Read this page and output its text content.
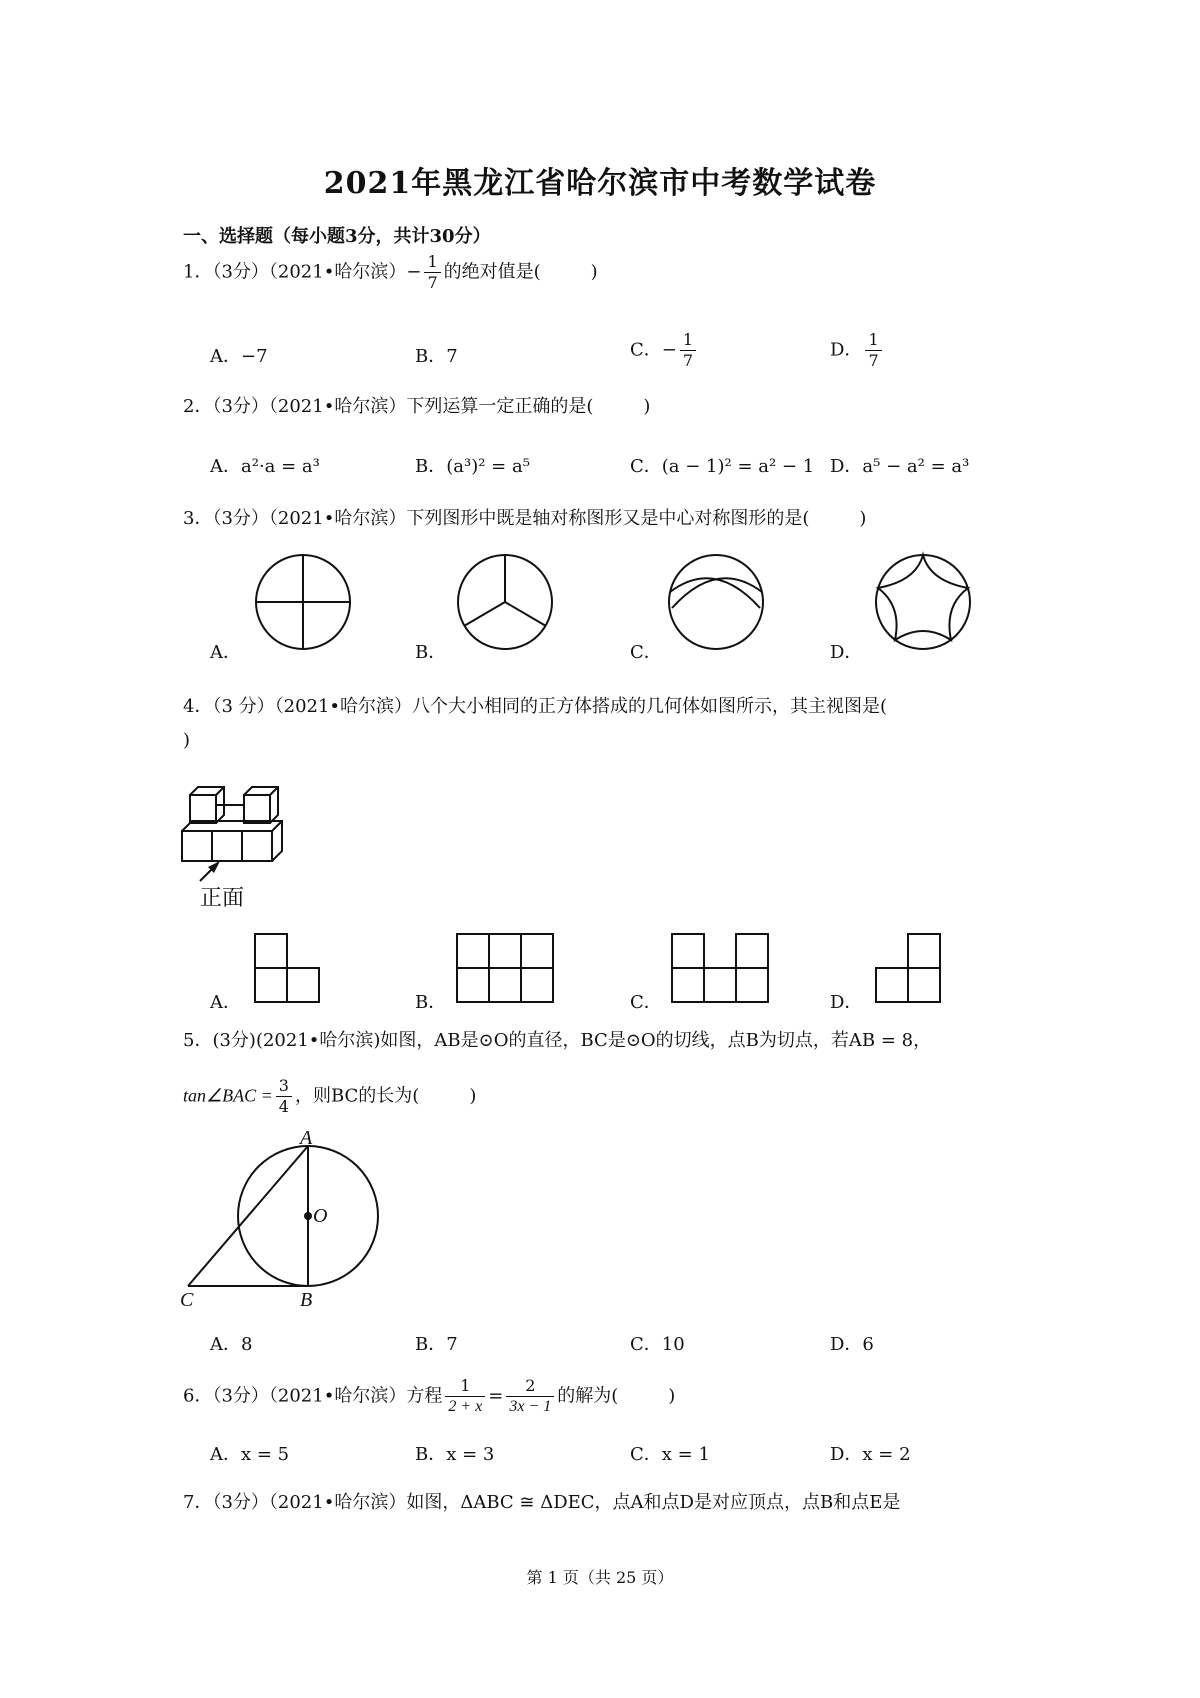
2021年黑龙江省哈尔滨市中考数学试卷
一、选择题（每小题3分，共计30分）
1．（3分）（2021•哈尔滨）− $\frac{1}{7}$ 的绝对值是(	)
A．−7	B．7	C．− $\frac{1}{7}$	D． $\frac{1}{7}$
2．（3分）（2021•哈尔滨）下列运算一定正确的是(	)
A．a²·a = a³	B．(a³)² = a⁵	C．(a − 1)² = a² − 1 D．a⁵ − a² = a³
3．（3分）（2021•哈尔滨）下列图形中既是轴对称图形又是中心对称图形的是(	)
A．	B．	C．	D．
4．（3 分）（2021•哈尔滨）八个大小相同的正方体搭成的几何体如图所示，其主视图是(
)
正面
A．	B．	C．	D．
5．(3分)(2021•哈尔滨)如图，AB是⊙O的直径，BC是⊙O的切线，点B为切点，若AB = 8，
tan∠BAC = $\frac{3}{4}$ ，则BC的长为(	)
A
O
B
C
A．8	B．7	C．10	D．6
6．（3分）（2021•哈尔滨）方程 $\frac{1}{2 + x} = \frac{2}{3x - 1}$ 的解为(	)
A．x = 5	B．x = 3	C．x = 1	D．x = 2
7．（3分）（2021•哈尔滨）如图，ΔABC ≅ ΔDEC，点A和点D是对应顶点，点B和点E是
第 1 页（共 25 页）
